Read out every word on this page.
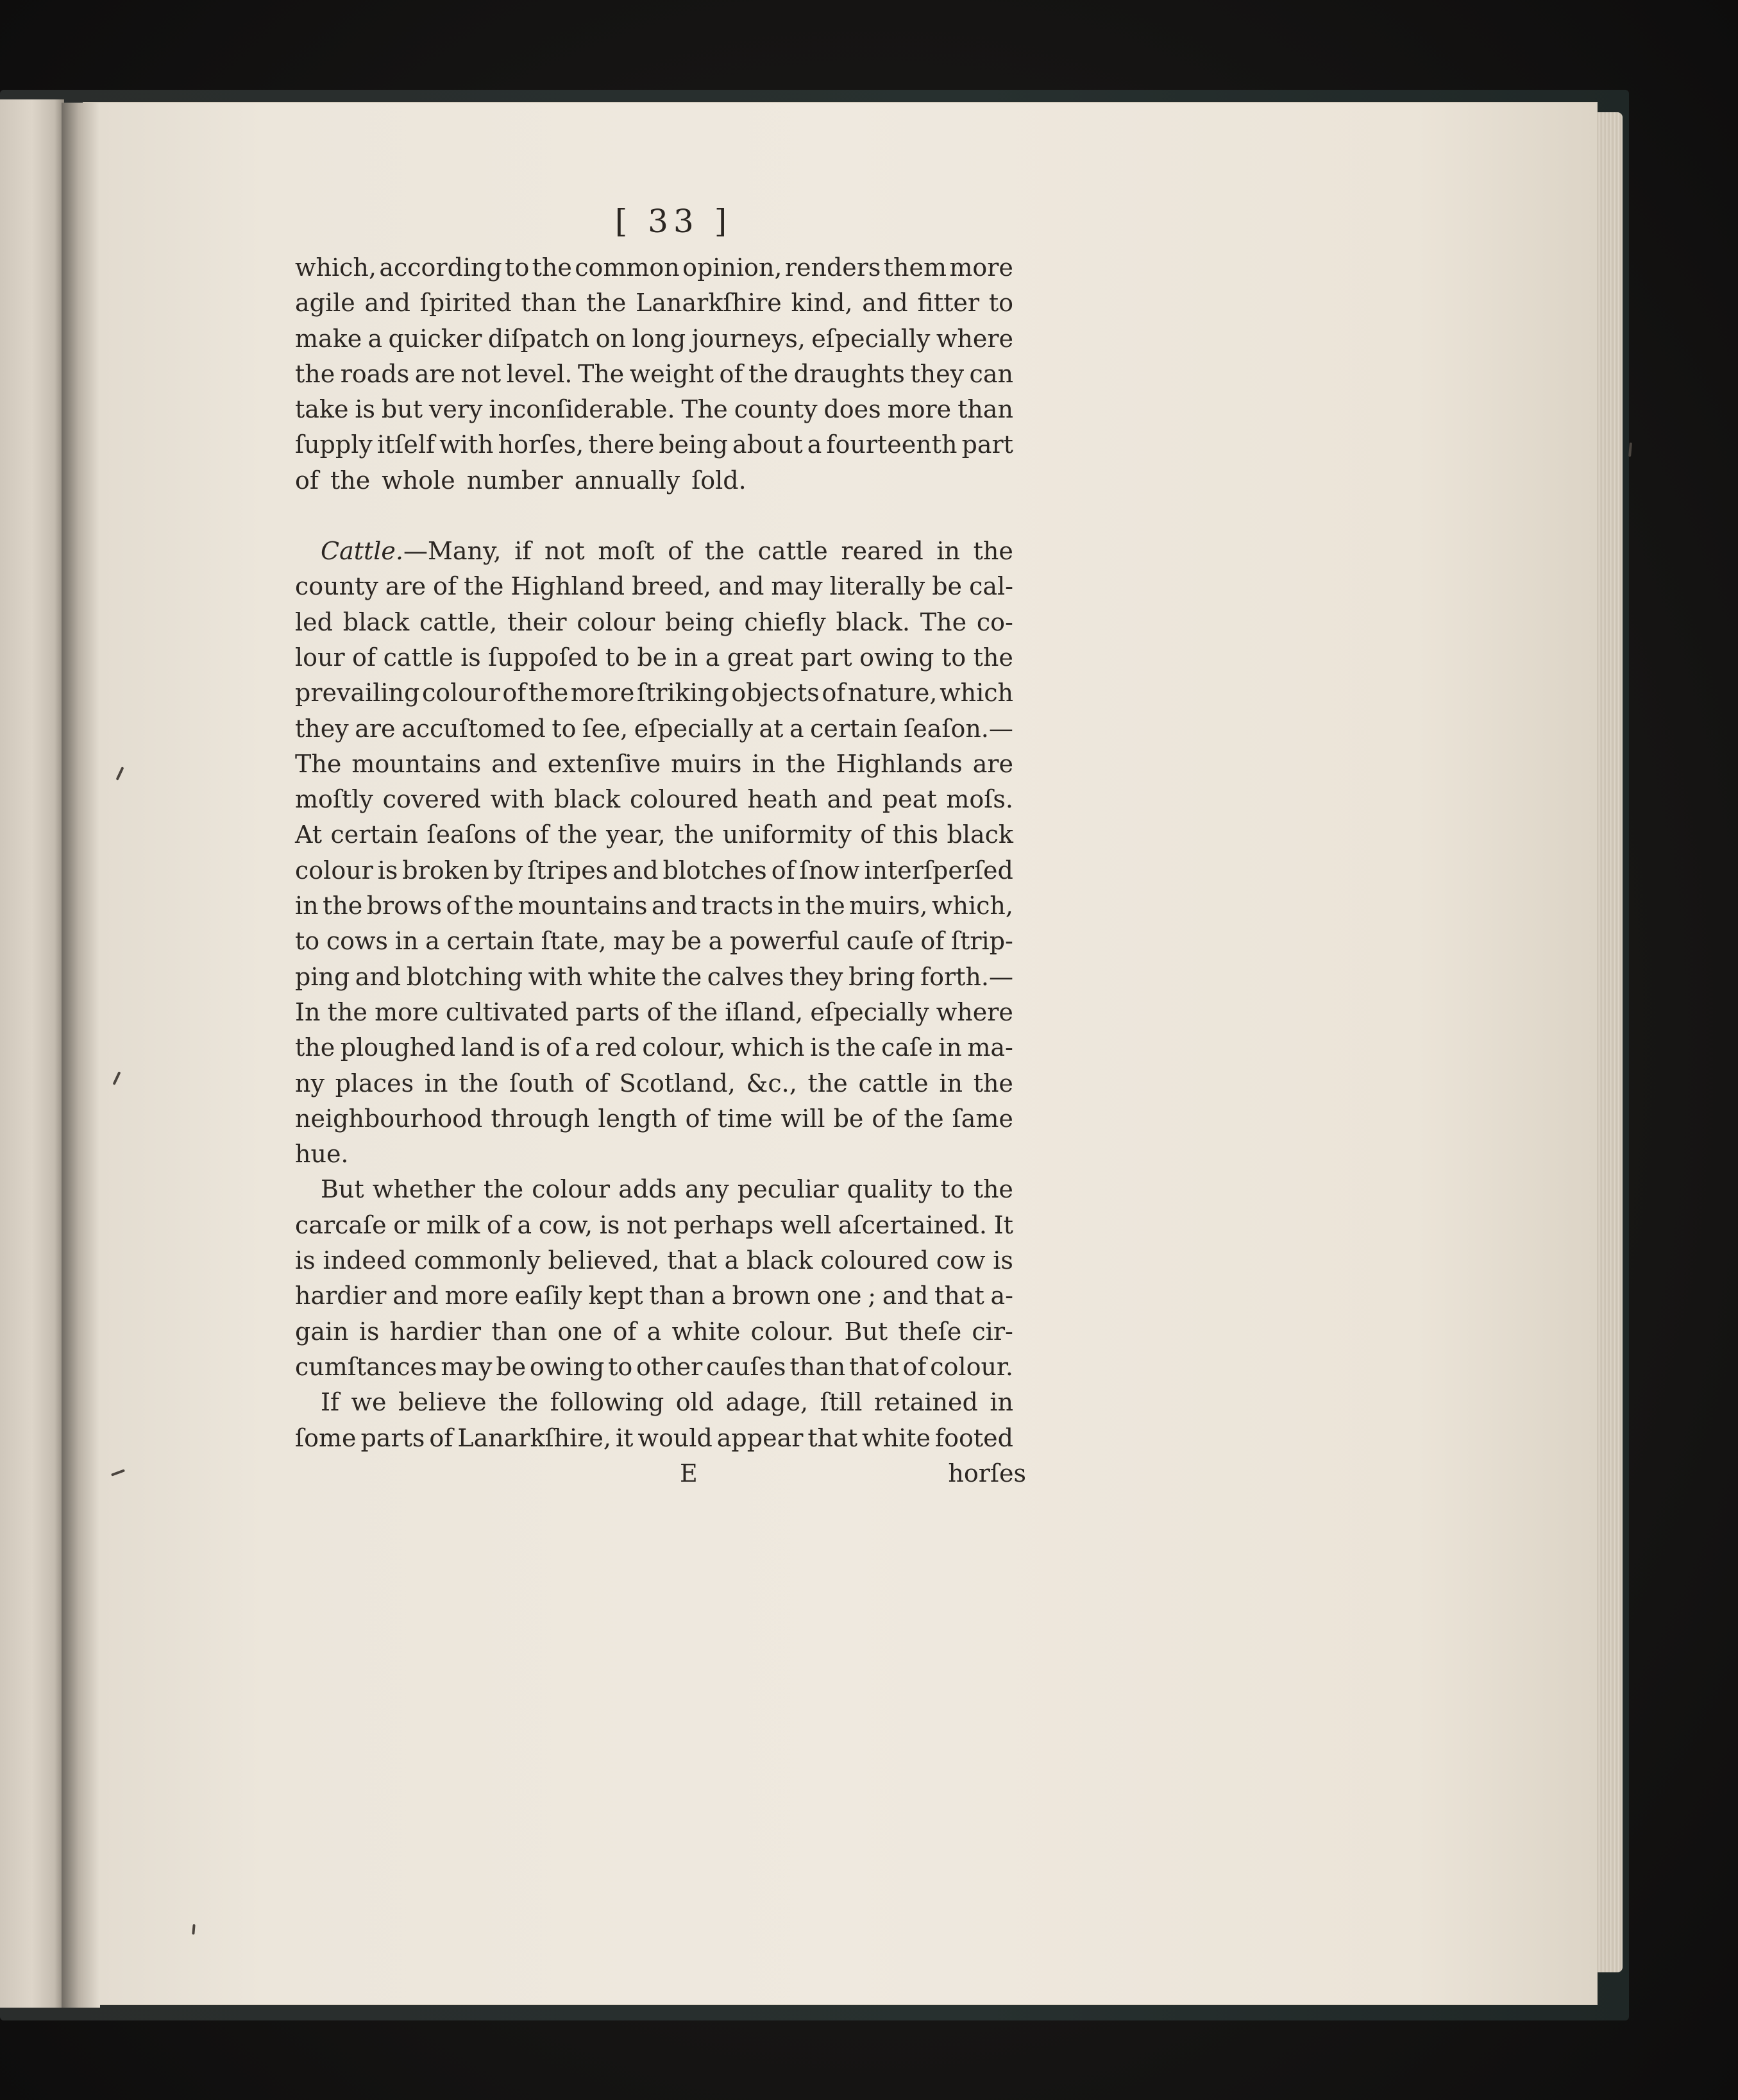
[ 33 ]
which, according to the common opinion, renders them more
agile and ſpirited than the Lanarkſhire kind, and fitter to
make a quicker diſpatch on long journeys, eſpecially where
the roads are not level. The weight of the draughts they can
take is but very inconſiderable. The county does more than
ſupply itſelf with horſes, there being about a fourteenth part
of the whole number annually ſold.
Cattle. —Many, if not moſt of the cattle reared in the
county are of the Highland breed, and may literally be cal-
led black cattle, their colour being chiefly black. The co-
lour of cattle is ſuppoſed to be in a great part owing to the
prevailing colour of the more ſtriking objects of nature, which
they are accuſtomed to ſee, eſpecially at a certain ſeaſon.—
The mountains and extenſive muirs in the Highlands are
moſtly covered with black coloured heath and peat moſs.
At certain ſeaſons of the year, the uniformity of this black
colour is broken by ſtripes and blotches of ſnow interſperſed
in the brows of the mountains and tracts in the muirs, which,
to cows in a certain ſtate, may be a powerful cauſe of ſtrip-
ping and blotching with white the calves they bring forth.—
In the more cultivated parts of the iſland, eſpecially where
the ploughed land is of a red colour, which is the caſe in ma-
ny places in the ſouth of Scotland, &c., the cattle in the
neighbourhood through length of time will be of the ſame
hue.
But whether the colour adds any peculiar quality to the
carcaſe or milk of a cow, is not perhaps well aſcertained. It
is indeed commonly believed, that a black coloured cow is
hardier and more eaſily kept than a brown one ; and that a-
gain is hardier than one of a white colour. But theſe cir-
cumſtances may be owing to other cauſes than that of colour.
If we believe the following old adage, ſtill retained in
ſome parts of Lanarkſhire, it would appear that white footed
E	horſes
